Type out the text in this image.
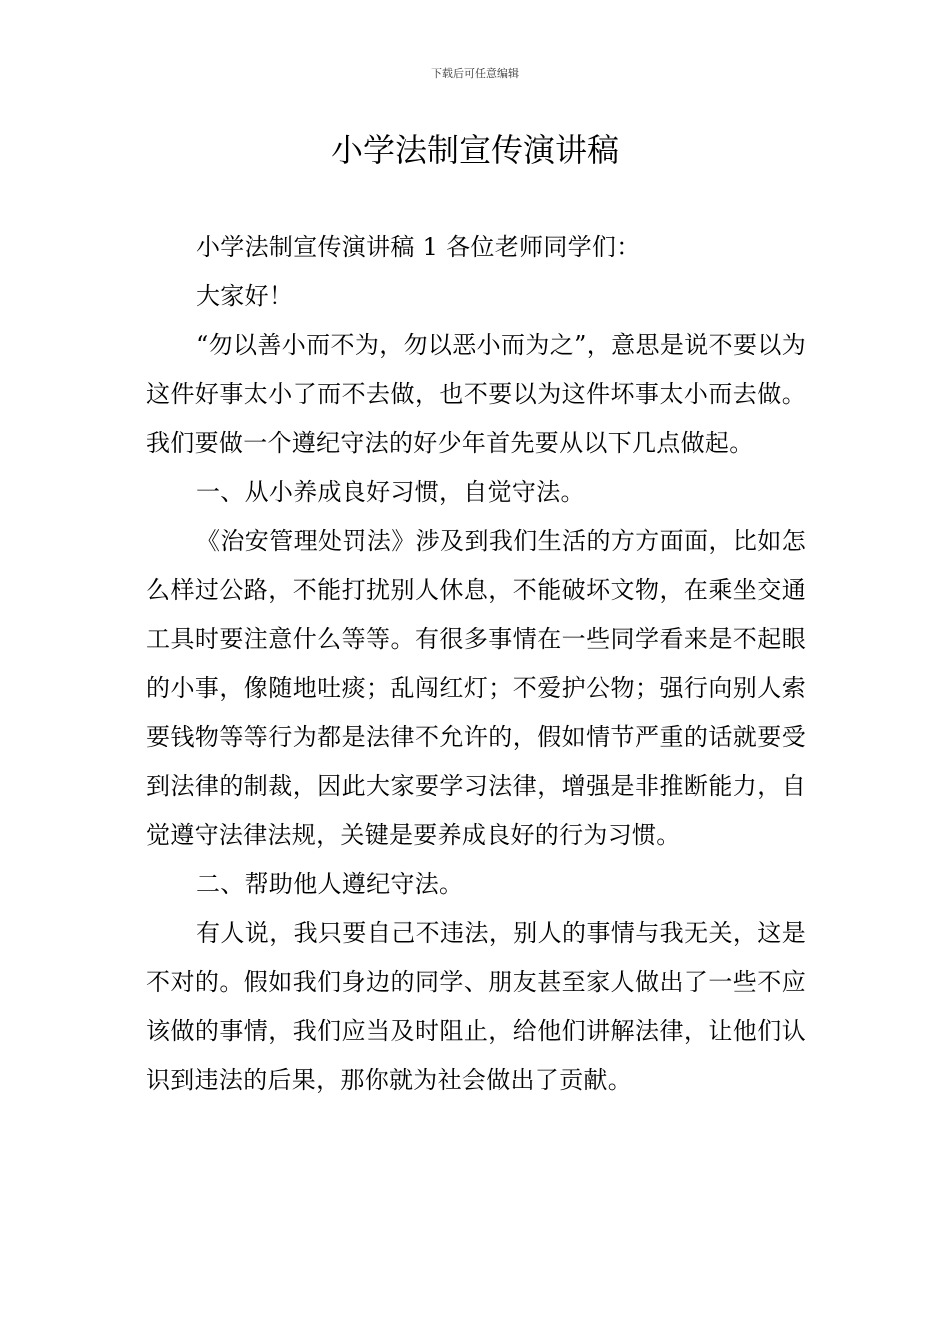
下载后可任意编辑
小学法制宣传演讲稿

小学法制宣传演讲稿 1 各位老师同学们：

大家好！

“勿以善小而不为，勿以恶小而为之”，意思是说不要以为这件好事太小了而不去做，也不要以为这件坏事太小而去做。我们要做一个遵纪守法的好少年首先要从以下几点做起。

一、从小养成良好习惯，自觉守法。

《治安管理处罚法》涉及到我们生活的方方面面，比如怎么样过公路，不能打扰别人休息，不能破坏文物，在乘坐交通工具时要注意什么等等。有很多事情在一些同学看来是不起眼的小事，像随地吐痰；乱闯红灯；不爱护公物；强行向别人索要钱物等等行为都是法律不允许的，假如情节严重的话就要受到法律的制裁，因此大家要学习法律，增强是非推断能力，自觉遵守法律法规，关键是要养成良好的行为习惯。

二、帮助他人遵纪守法。

有人说，我只要自己不违法，别人的事情与我无关，这是不对的。假如我们身边的同学、朋友甚至家人做出了一些不应该做的事情，我们应当及时阻止，给他们讲解法律，让他们认识到违法的后果，那你就为社会做出了贡献。
